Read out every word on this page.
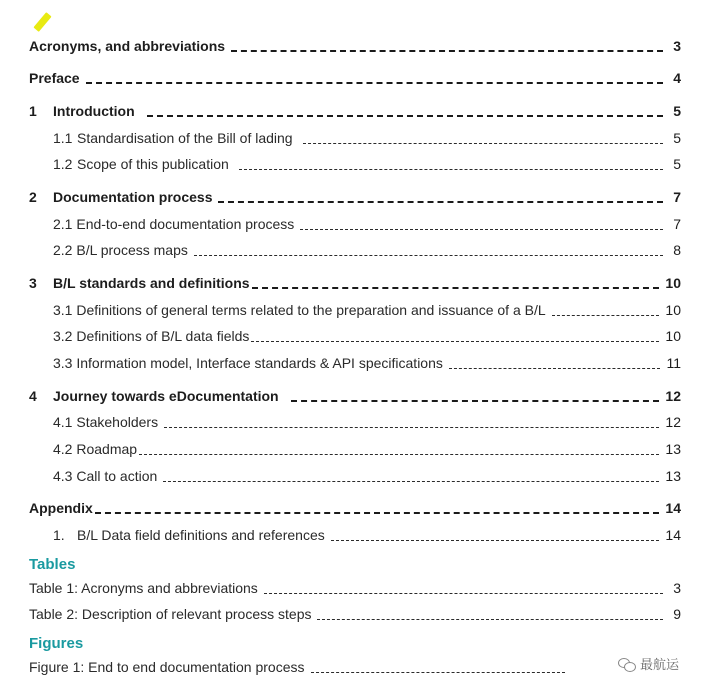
Acronyms, and abbreviations	3
Preface	4
1	Introduction	5
1.1 Standardisation of the Bill of lading	5
1.2 Scope of this publication	5
2	Documentation process	7
2.1 End-to-end documentation process	7
2.2 B/L process maps	8
3	B/L standards and definitions	10
3.1 Definitions of general terms related to the preparation and issuance of a B/L	10
3.2 Definitions of B/L data fields	10
3.3 Information model, Interface standards & API specifications	11
4	Journey towards eDocumentation	12
4.1 Stakeholders	12
4.2 Roadmap	13
4.3 Call to action	13
Appendix	14
1. B/L Data field definitions and references	14
Tables
Table 1: Acronyms and abbreviations	3
Table 2: Description of relevant process steps	9
Figures
Figure 1: End to end documentation process	最航运
